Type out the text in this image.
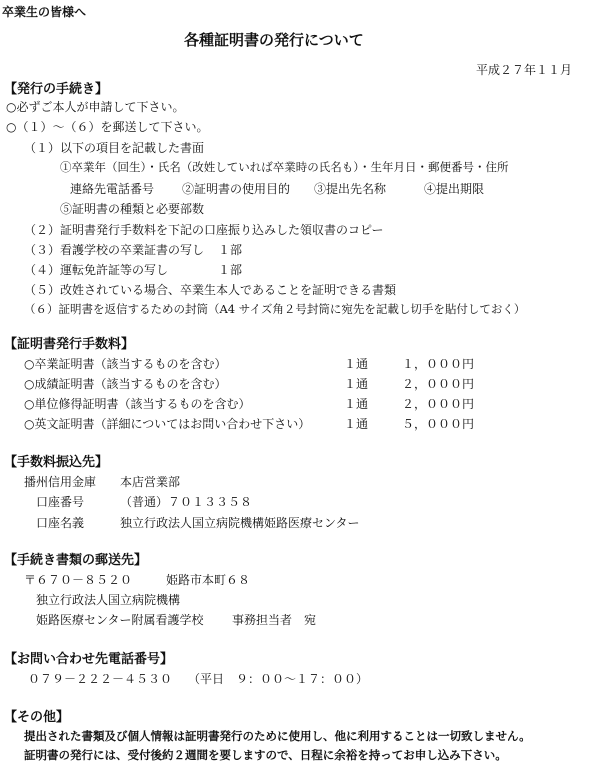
卒業生の皆様へ
各種証明書の発行について
平成２７年１１月
【発行の手続き】
○必ずご本人が申請して下さい。
○（１）～（６）を郵送して下さい。
（１）以下の項目を記載した書面
①卒業年（回生）・氏名（改姓していれば卒業時の氏名も）・生年月日・郵便番号・住所
連絡先電話番号 ②証明書の使用目的 ③提出先名称	④提出期限
⑤証明書の種類と必要部数
（２）証明書発行手数料を下記の口座振り込みした領収書のコピー
（３）看護学校の卒業証書の写し １部
（４）運転免許証等の写し	１部
（５）改姓されている場合、卒業生本人であることを証明できる書類
（６）証明書を返信するための封筒（A4 サイズ角２号封筒に宛先を記載し切手を貼付しておく）
【証明書発行手数料】
○卒業証明書（該当するものを含む）	１通	１，０００円
○成績証明書（該当するものを含む）	１通	２，０００円
○単位修得証明書（該当するものを含む）	１通	２，０００円
○英文証明書（詳細についてはお問い合わせ下さい）	１通	５，０００円
【手数料振込先】
播州信用金庫 本店営業部
口座番号	（普通）７０１３３５８
口座名義	独立行政法人国立病院機構姫路医療センター
【手続き書類の郵送先】
〒６７０－８５２０	姫路市本町６８
独立行政法人国立病院機構
姫路医療センター附属看護学校 事務担当者　宛
【お問い合わせ先電話番号】
０７９－２２２－４５３０ （平日　９：００～１７：００）
【その他】
提出された書類及び個人情報は証明書発行のために使用し、他に利用することは一切致しません。
証明書の発行には、受付後約２週間を要しますので、日程に余裕を持ってお申し込み下さい。
